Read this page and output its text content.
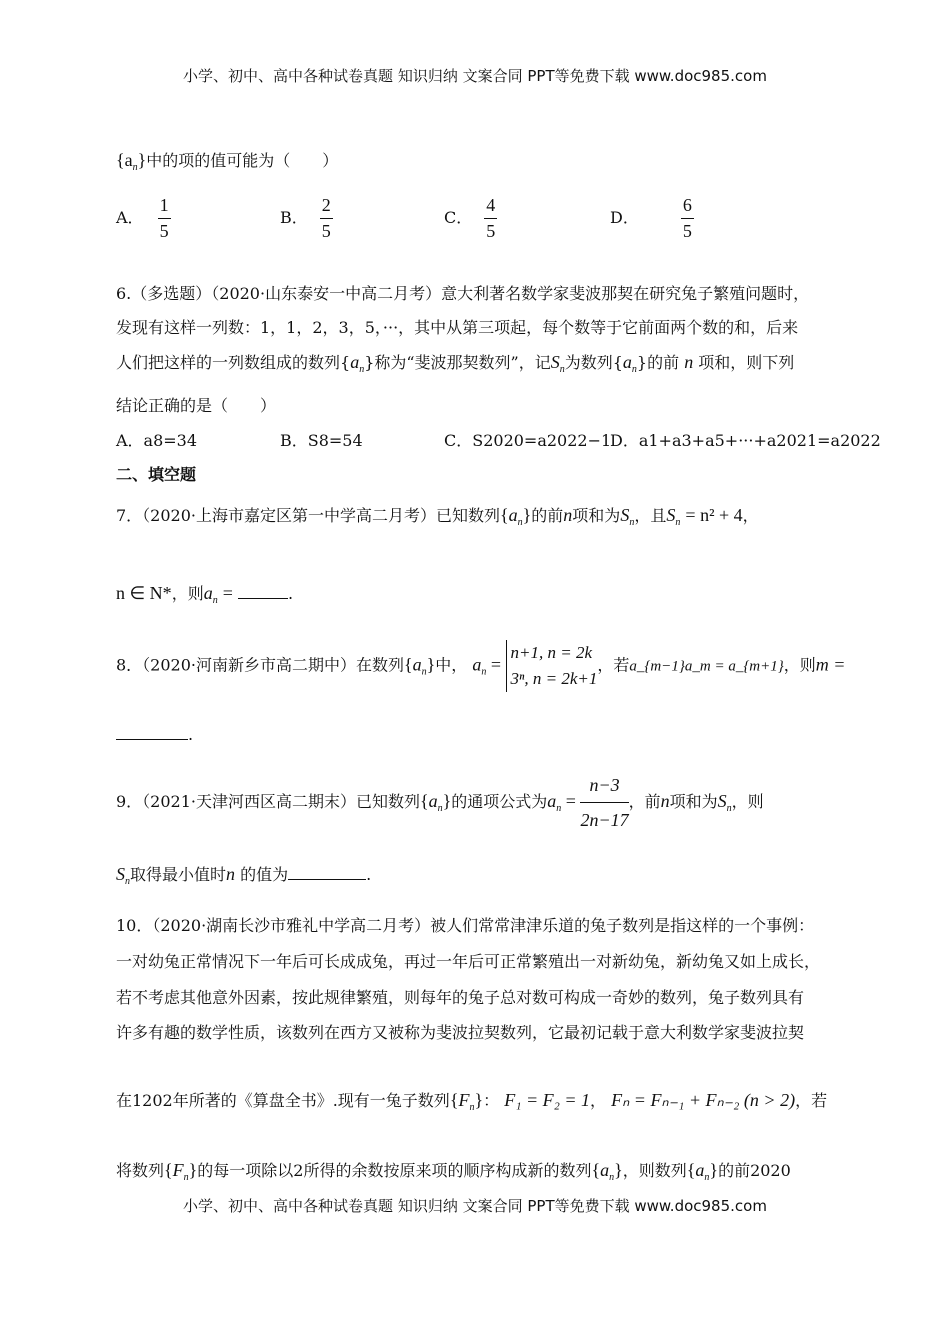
小学、初中、高中各种试卷真题 知识归纳 文案合同 PPT等免费下载 www.doc985.com
$\{a_n\}$中的项的值可能为（　　）
A． $\frac{1}{5}$	B． $\frac{2}{5}$	C． $\frac{4}{5}$	D． $\frac{6}{5}$
6.（多选题）（2020·山东泰安一中高二月考）意大利著名数学家斐波那契在研究兔子繁殖问题时，
发现有这样一列数：1，1，2，3，5，···，其中从第三项起，每个数等于它前面两个数的和，后来
人们把这样的一列数组成的数列$\{a_n\}$称为“斐波那契数列”，记$S_n$为数列$\{a_n\}$的前 n 项和，则下列
结论正确的是（　　）
A．a8=34	B．S8=54	C．S2020=a2022−1
D．a1+a3+a5+···+a2021=a2022
二、填空题
7．（2020·上海市嘉定区第一中学高二月考）已知数列$\{a_n\}$的前n项和为$S_n$，且$S_n = n^2 + 4$，
n ∈ N*，则$a_n$ =	.
8．（2020·河南新乡市高二期中）在数列$\{a_n\}$中， $a_n$ =
n+1, n = 2k
3ⁿ, n = 2k+1
，若a_{m−1}a_m = a_{m+1}，则m =
.
9．（2021·天津河西区高二期末）已知数列$\{a_n\}$的通项公式为$a_n = \frac{n-3}{2n-17}$ ，前n项和为$S_n$，则
$S_n$取得最小值时n 的值为	.
10．（2020·湖南长沙市雅礼中学高二月考）被人们常常津津乐道的兔子数列是指这样的一个事例：
一对幼兔正常情况下一年后可长成成兔，再过一年后可正常繁殖出一对新幼兔，新幼兔又如上成长，
若不考虑其他意外因素，按此规律繁殖，则每年的兔子总对数可构成一奇妙的数列，兔子数列具有
许多有趣的数学性质，该数列在西方又被称为斐波拉契数列，它最初记载于意大利数学家斐波拉契
在1202年所著的《算盘全书》.现有一兔子数列$\{F_n\}$： F₁ = F₂ = 1， Fₙ = Fₙ₋₁ + Fₙ₋₂ (n > 2)，若
将数列$\{F_n\}$的每一项除以2所得的余数按原来项的顺序构成新的数列$\{a_n\}$，则数列$\{a_n\}$的前2020
小学、初中、高中各种试卷真题 知识归纳 文案合同 PPT等免费下载 www.doc985.com
